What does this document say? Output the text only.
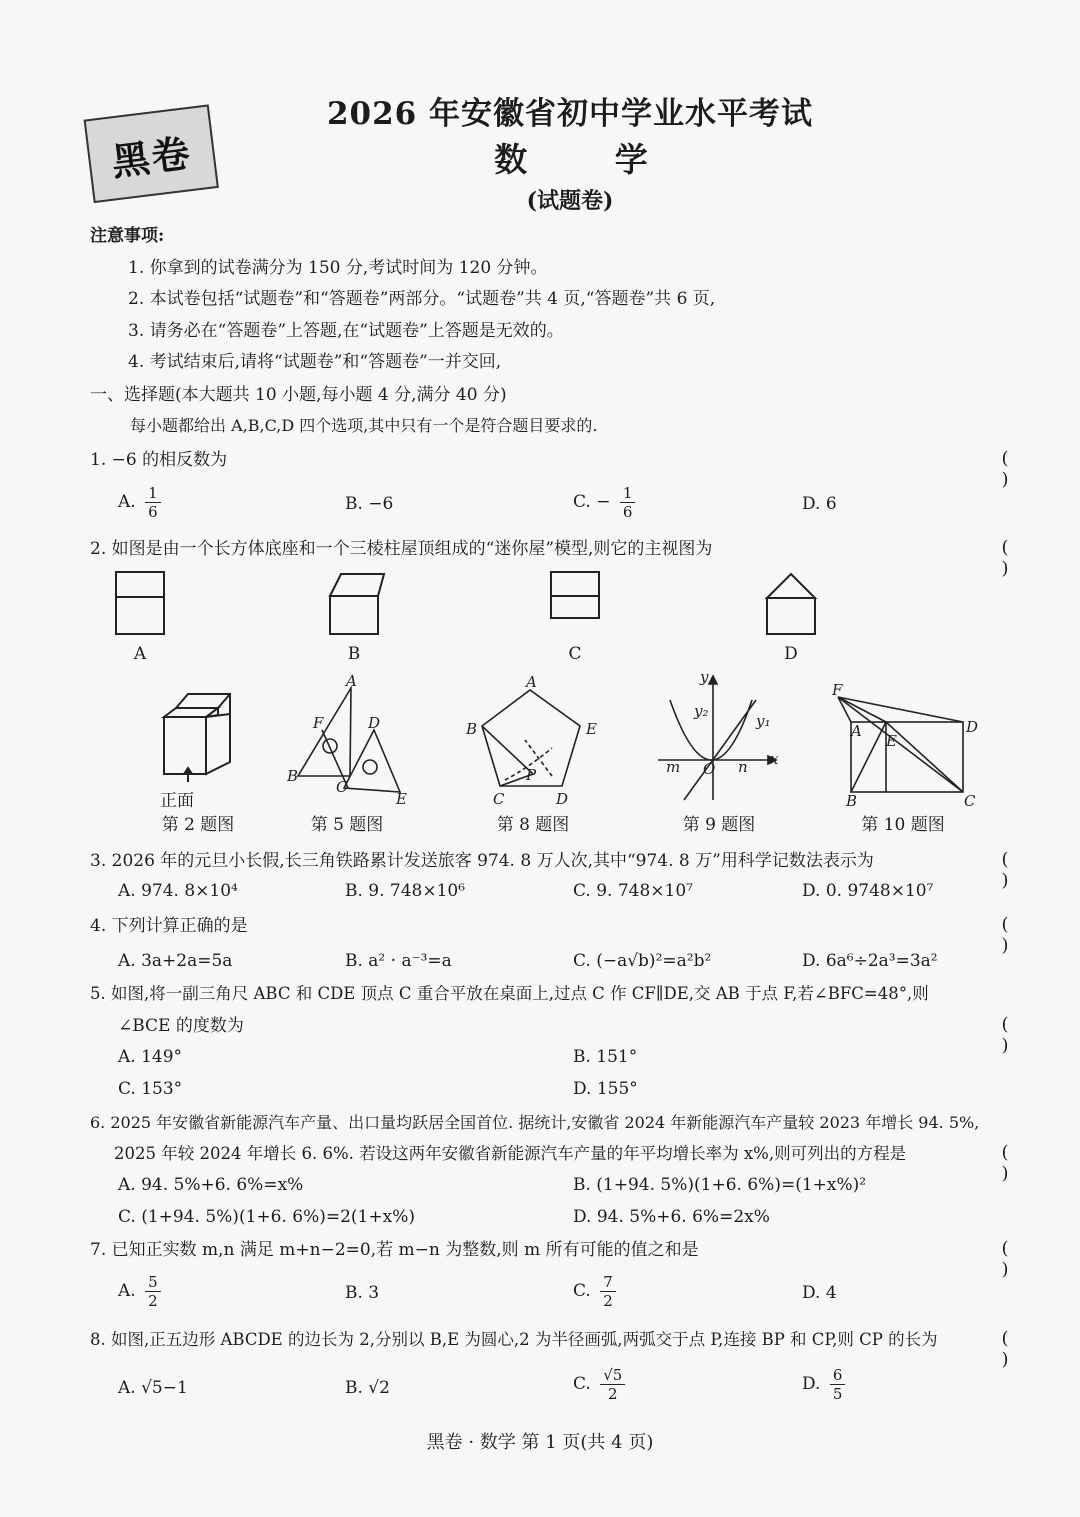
黑卷
2026 年安徽省初中学业水平考试
数 学
(试题卷)
注意事项:
1. 你拿到的试卷满分为 150 分,考试时间为 120 分钟。
2. 本试卷包括“试题卷”和“答题卷”两部分。“试题卷”共 4 页,“答题卷”共 6 页,
3. 请务必在“答题卷”上答题,在“试题卷”上答题是无效的。
4. 考试结束后,请将“试题卷”和“答题卷”一并交回,
一、选择题(本大题共 10 小题,每小题 4 分,满分 40 分)
每小题都给出 A,B,C,D 四个选项,其中只有一个是符合题目要求的.
1. −6 的相反数为	( )
A. $\frac{1}{6}$	B. −6	C. − $\frac{1}{6}$	D. 6
2. 如图是由一个长方体底座和一个三棱柱屋顶组成的“迷你屋”模型,则它的主视图为	( )
A	B	C	D
A
F	D
B
C
E
A
B	E
P
C	D
y
y₂
y₁
m O n x
F
A
E
D
B	C
正面
第 2 题图	第 5 题图	第 8 题图	第 9 题图	第 10 题图
3. 2026 年的元旦小长假,长三角铁路累计发送旅客 974. 8 万人次,其中“974. 8 万”用科学记数法表示为	( )
A. 974. 8×10⁴	B. 9. 748×10⁶	C. 9. 748×10⁷	D. 0. 9748×10⁷
4. 下列计算正确的是	( )
A. 3a+2a=5a	B. a² · a⁻³=a	C. (−a√b)²=a²b²	D. 6a⁶÷2a³=3a²
5. 如图,将一副三角尺 ABC 和 CDE 顶点 C 重合平放在桌面上,过点 C 作 CF∥DE,交 AB 于点 F,若∠BFC=48°,则
∠BCE 的度数为	( )
A. 149°	B. 151°
C. 153°	D. 155°
6. 2025 年安徽省新能源汽车产量、出口量均跃居全国首位. 据统计,安徽省 2024 年新能源汽车产量较 2023 年增长 94. 5%,
2025 年较 2024 年增长 6. 6%. 若设这两年安徽省新能源汽车产量的年平均增长率为 x%,则可列出的方程是	( )
A. 94. 5%+6. 6%=x%	B. (1+94. 5%)(1+6. 6%)=(1+x%)²
C. (1+94. 5%)(1+6. 6%)=2(1+x%)	D. 94. 5%+6. 6%=2x%
7. 已知正实数 m,n 满足 m+n−2=0,若 m−n 为整数,则 m 所有可能的值之和是	( )
A. $\frac{5}{2}$	B. 3	C. $\frac{7}{2}$	D. 4
8. 如图,正五边形 ABCDE 的边长为 2,分别以 B,E 为圆心,2 为半径画弧,两弧交于点 P,连接 BP 和 CP,则 CP 的长为	( )
A. √5−1	B. √2	C. $\frac{√5}{2}$	D. $\frac{6}{5}$
黑卷 · 数学 第 1 页(共 4 页)
